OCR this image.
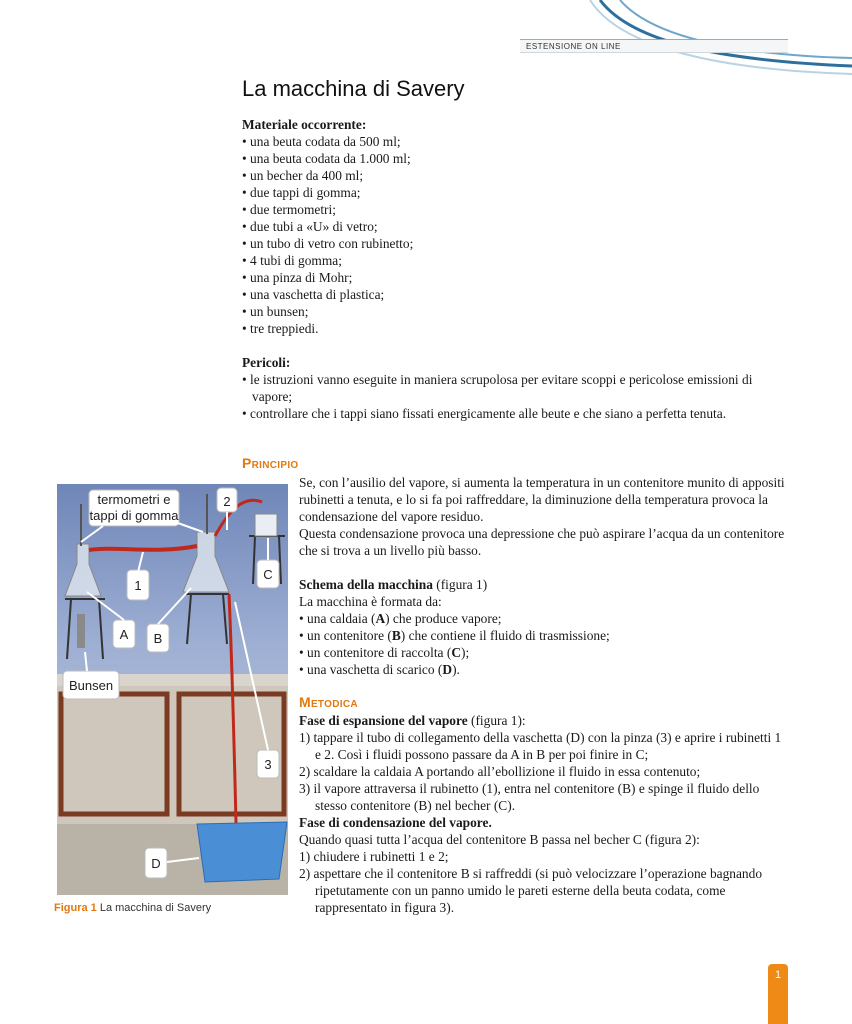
ESTENSIONE ON LINE
La macchina di Savery

Materiale occorrente:

• una beuta codata da 500 ml;
• una beuta codata da 1.000 ml;
• un becher da 400 ml;
• due tappi di gomma;
• due termometri;
• due tubi a «U» di vetro;
• un tubo di vetro con rubinetto;
• 4 tubi di gomma;
• una pinza di Mohr;
• una vaschetta di plastica;
• un bunsen;
• tre treppiedi.

Pericoli:

• le istruzioni vanno eseguite in maniera scrupolosa per evitare scoppi e pericolose emissioni di vapore;
• controllare che i tappi siano fissati energicamente alle beute e che siano a perfetta tenuta.
Principio

Se, con l’ausilio del vapore, si aumenta la temperatura in un contenitore munito di appositi rubinetti a tenuta, e lo si fa poi raffreddare, la diminuzione della temperatura provoca la condensazione del vapore residuo.

Questa condensazione provoca una depressione che può aspirare l’acqua da un contenitore che si trova a un livello più basso.

Schema della macchina (figura 1)

La macchina è formata da:

• una caldaia (A) che produce vapore;
• un contenitore (B) che contiene il fluido di trasmissione;
• un contenitore di raccolta (C);
• una vaschetta di scarico (D).
Metodica

Fase di espansione del vapore (figura 1):

1) tappare il tubo di collegamento della vaschetta (D) con la pinza (3) e aprire i rubinetti 1 e 2. Così i fluidi possono passare da A in B per poi finire in C;
2) scaldare la caldaia A portando all’ebollizione il fluido in essa contenuto;
3) il vapore attraversa il rubinetto (1), entra nel contenitore (B) e spinge il fluido dello stesso contenitore (B) nel becher (C).

Fase di condensazione del vapore.

Quando quasi tutta l’acqua del contenitore B passa nel becher C (figura 2):

1) chiudere i rubinetti 1 e 2;
2) aspettare che il contenitore B si raffreddi (si può velocizzare l’operazione bagnando ripetutamente con un panno umido le pareti esterne della beuta codata, come rappresentato in figura 3).
termometri e
tappi di gomma
2
1
C
A B
Bunsen
3
D
Figura 1 La macchina di Savery
1
